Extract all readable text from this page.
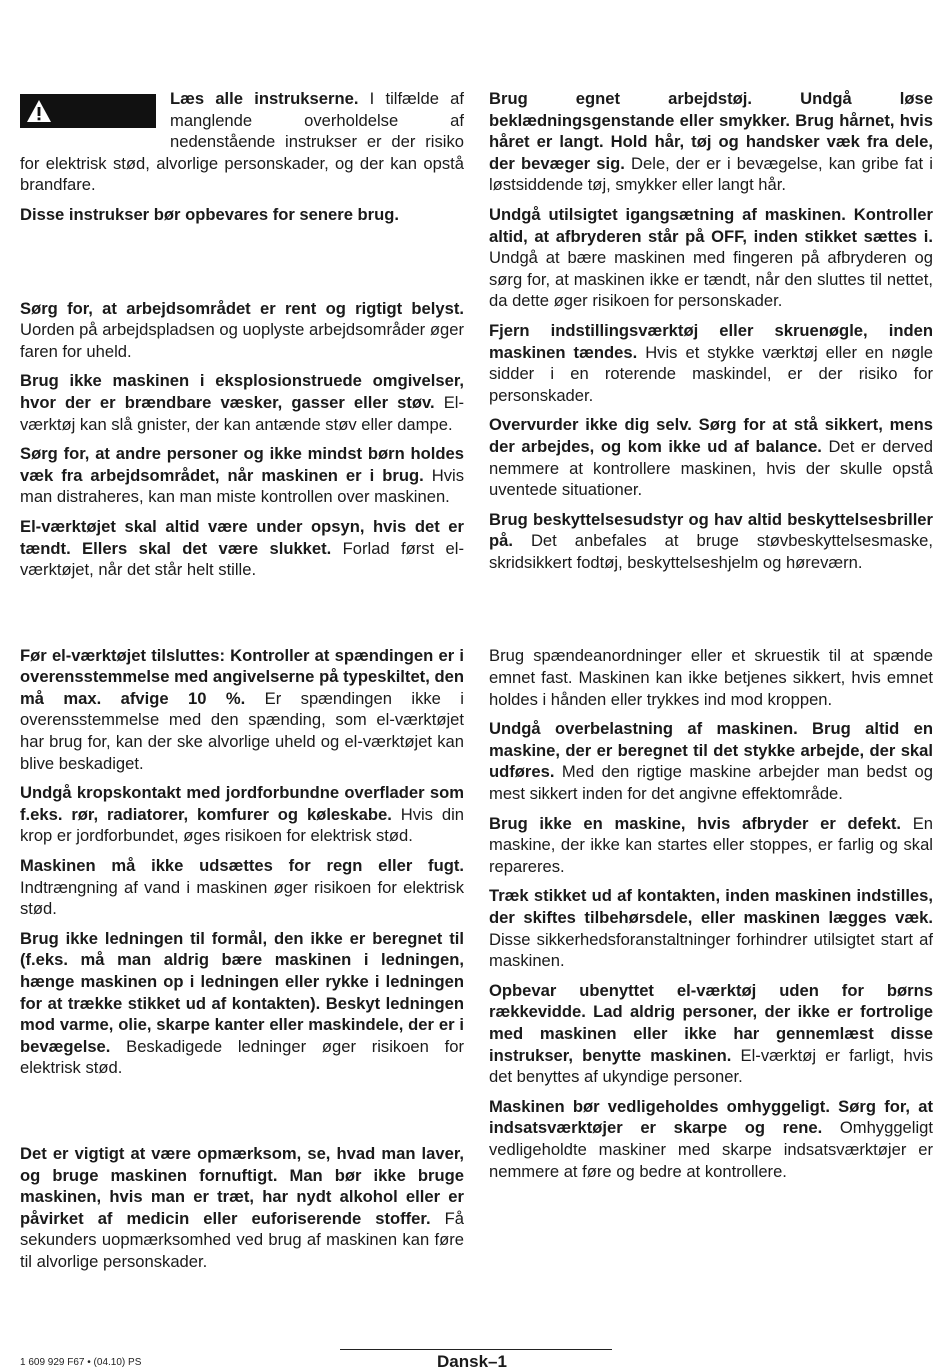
Læs alle instrukserne. I tilfælde af manglende overholdelse af nedenstående instrukser er der risiko for elektrisk stød, alvorlige personskader, og der kan opstå brandfare.

Disse instrukser bør opbevares for senere brug.

Sørg for, at arbejdsområdet er rent og rigtigt belyst. Uorden på arbejdspladsen og uoplyste arbejdsområder øger faren for uheld.

Brug ikke maskinen i eksplosionstruede omgivelser, hvor der er brændbare væsker, gasser eller støv. El-værktøj kan slå gnister, der kan antænde støv eller dampe.

Sørg for, at andre personer og ikke mindst børn holdes væk fra arbejdsområdet, når maskinen er i brug. Hvis man distraheres, kan man miste kontrollen over maskinen.

El-værktøjet skal altid være under opsyn, hvis det er tændt. Ellers skal det være slukket. Forlad først el-værktøjet, når det står helt stille.

Før el-værktøjet tilsluttes: Kontroller at spændingen er i overensstemmelse med angivelserne på typeskiltet, den må max. afvige 10 %. Er spændingen ikke i overensstemmelse med den spænding, som el-værktøjet har brug for, kan der ske alvorlige uheld og el-værktøjet kan blive beskadiget.

Undgå kropskontakt med jordforbundne overflader som f.eks. rør, radiatorer, komfurer og køleskabe. Hvis din krop er jordforbundet, øges risikoen for elektrisk stød.

Maskinen må ikke udsættes for regn eller fugt. Indtrængning af vand i maskinen øger risikoen for elektrisk stød.

Brug ikke ledningen til formål, den ikke er beregnet til (f.eks. må man aldrig bære maskinen i ledningen, hænge maskinen op i ledningen eller rykke i ledningen for at trække stikket ud af kontakten). Beskyt ledningen mod varme, olie, skarpe kanter eller maskindele, der er i bevægelse. Beskadigede ledninger øger risikoen for elektrisk stød.

Det er vigtigt at være opmærksom, se, hvad man laver, og bruge maskinen fornuftigt. Man bør ikke bruge maskinen, hvis man er træt, har nydt alkohol eller er påvirket af medicin eller euforiserende stoffer. Få sekunders uopmærksomhed ved brug af maskinen kan føre til alvorlige personskader.

Brug egnet arbejdstøj. Undgå løse beklædningsgenstande eller smykker. Brug hårnet, hvis håret er langt. Hold hår, tøj og handsker væk fra dele, der bevæger sig. Dele, der er i bevægelse, kan gribe fat i løstsiddende tøj, smykker eller langt hår.

Undgå utilsigtet igangsætning af maskinen. Kontroller altid, at afbryderen står på OFF, inden stikket sættes i. Undgå at bære maskinen med fingeren på afbryderen og sørg for, at maskinen ikke er tændt, når den sluttes til nettet, da dette øger risikoen for personskader.

Fjern indstillingsværktøj eller skruenøgle, inden maskinen tændes. Hvis et stykke værktøj eller en nøgle sidder i en roterende maskindel, er der risiko for personskader.

Overvurder ikke dig selv. Sørg for at stå sikkert, mens der arbejdes, og kom ikke ud af balance. Det er derved nemmere at kontrollere maskinen, hvis der skulle opstå uventede situationer.

Brug beskyttelsesudstyr og hav altid beskyttelsesbriller på. Det anbefales at bruge støvbeskyttelsesmaske, skridsikkert fodtøj, beskyttelseshjelm og høreværn.

Brug spændeanordninger eller et skruestik til at spænde emnet fast. Maskinen kan ikke betjenes sikkert, hvis emnet holdes i hånden eller trykkes ind mod kroppen.

Undgå overbelastning af maskinen. Brug altid en maskine, der er beregnet til det stykke arbejde, der skal udføres. Med den rigtige maskine arbejder man bedst og mest sikkert inden for det angivne effektområde.

Brug ikke en maskine, hvis afbryder er defekt. En maskine, der ikke kan startes eller stoppes, er farlig og skal repareres.

Træk stikket ud af kontakten, inden maskinen indstilles, der skiftes tilbehørsdele, eller maskinen lægges væk. Disse sikkerhedsforanstaltninger forhindrer utilsigtet start af maskinen.

Opbevar ubenyttet el-værktøj uden for børns rækkevidde. Lad aldrig personer, der ikke er fortrolige med maskinen eller ikke har gennemlæst disse instrukser, benytte maskinen. El-værktøj er farligt, hvis det benyttes af ukyndige personer.

Maskinen bør vedligeholdes omhyggeligt. Sørg for, at indsatsværktøjer er skarpe og rene. Omhyggeligt vedligeholdte maskiner med skarpe indsatsværktøjer er nemmere at føre og bedre at kontrollere.

1 609 929 F67 • (04.10) PS	Dansk–1
